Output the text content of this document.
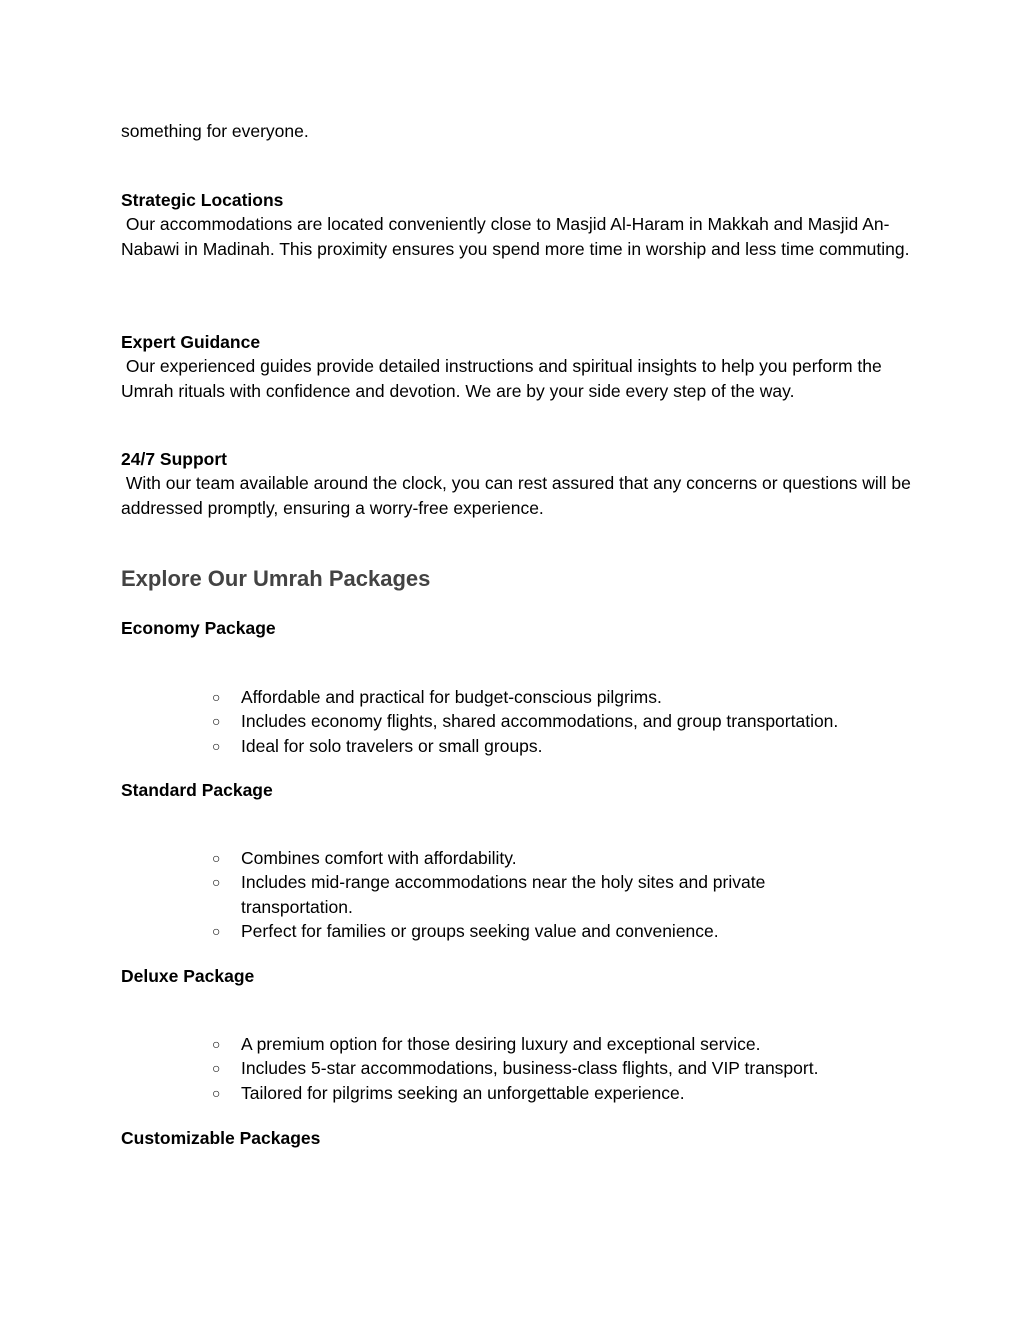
something for everyone.

Strategic Locations

Our accommodations are located conveniently close to Masjid Al-Haram in Makkah and Masjid An-Nabawi in Madinah. This proximity ensures you spend more time in worship and less time commuting.

Expert Guidance

Our experienced guides provide detailed instructions and spiritual insights to help you perform the Umrah rituals with confidence and devotion. We are by your side every step of the way.

24/7 Support

With our team available around the clock, you can rest assured that any concerns or questions will be addressed promptly, ensuring a worry-free experience.

Explore Our Umrah Packages

Economy Package

○ Affordable and practical for budget-conscious pilgrims.
○ Includes economy flights, shared accommodations, and group transportation.
○ Ideal for solo travelers or small groups.

Standard Package

○ Combines comfort with affordability.
○ Includes mid-range accommodations near the holy sites and private transportation.
○ Perfect for families or groups seeking value and convenience.

Deluxe Package

○ A premium option for those desiring luxury and exceptional service.
○ Includes 5-star accommodations, business-class flights, and VIP transport.
○ Tailored for pilgrims seeking an unforgettable experience.

Customizable Packages
